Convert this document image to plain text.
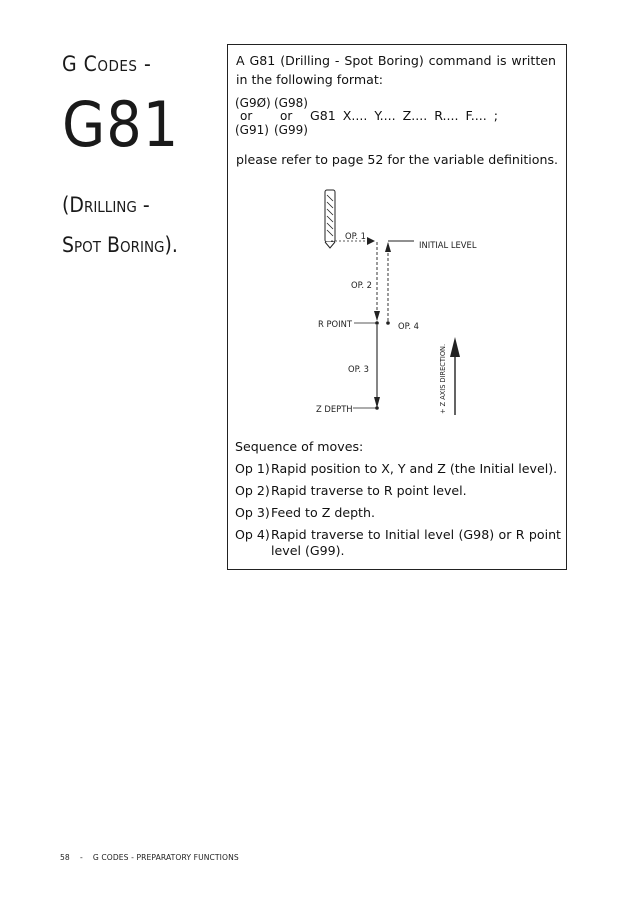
G CODES -
G81
(DRILLING -
SPOT BORING).
A G81 (Drilling - Spot Boring) command is written in the following format:
(G9Ø) (G98)
or or G81 X.... Y.... Z.... R.... F.... ;
(G91) (G99)
please refer to page 52 for the variable definitions.
OP. 1
OP. 2
OP. 3
OP. 4
INITIAL LEVEL
R POINT
Z DEPTH	+ Z AXIS DIRECTION.
Sequence of moves:
Op 1) Rapid position to X, Y and Z (the Initial level).
Op 2) Rapid traverse to R point level.
Op 3) Feed to Z depth.
Op 4) Rapid traverse to Initial level (G98) or R point level (G99).
58 - G CODES - PREPARATORY FUNCTIONS
